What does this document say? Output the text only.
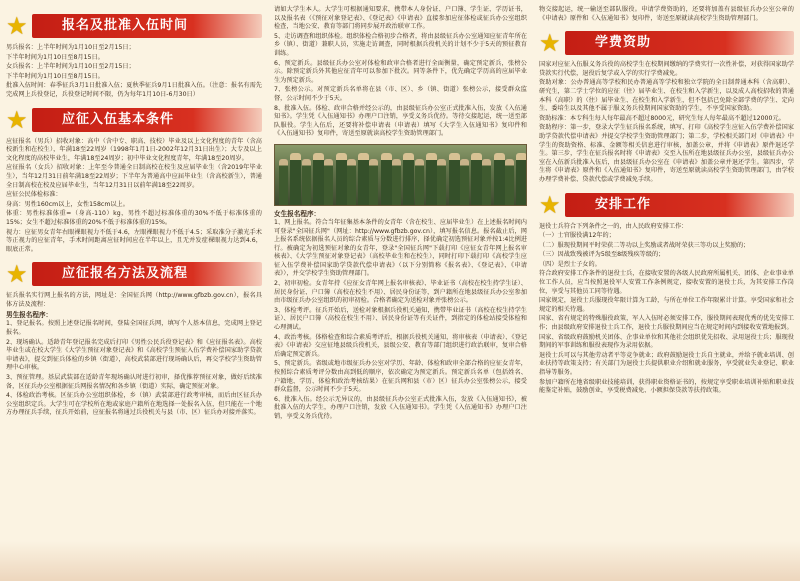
★	报名及批准入伍时间

男兵报名：上半年时间为1月10日至2月15日；

下半年时间为1月10日至8月15日。

女兵报名：上半年时间为1月10日至2月15日；

下半年时间为1月10日至8月15日。

批准入伍时间：春季征兵3月1日批准入伍；夏秋季征兵9月1日批准入伍。（注意：报名有需先完成网上兵役登记，兵役登记时间不限，仍为每年1月10日-6月30日）

★	应征入伍基本条件

应征报名（男兵）招收对象：高中（含中专、职高、技校）毕业及以上文化程度的青年（含高校新生和在校生），年满18至22周岁（1998年1月1日-2002年12月31日出生）；大专及以上文化程度的高校毕业生，年满18至24周岁；初中毕业文化程度青年，年满18至20周岁。

应征报名（女兵）招收对象：上年至今普通全日制高校在校生及应届毕业生（含2019年毕业生），当年12月31日前年满18至22周岁；下半年为普通高中应届毕业生（含高校新生），普通全日制高校在校及应届毕业生，当年12月31日以前年满18至22周岁。

应征公民体检标准：

身高：男性160cm以上，女性158cm以上。

体重：男性标准体重=（身高-110）kg，男性不超过标准体重的30%不低于标准体重的15%；女生不超过标准体重的20%不低于标准体重的15%。

视力：应征男女青年右眼裸眼视力不低于4.6，左眼裸眼视力不低于4.5；采取准分子激光手术等正视力的应征青年，手术时间距离应征时间应在半年以上，且无并发症裸眼视力达到4.6，眼底正常。

★	应征报名方法及流程

征兵报名实行网上报名的方法，网址是：全国征兵网（http://www.gfbzb.gov.cn），报名具体方法及流程：

男生报名程序：

1、登记报名。按照上述登记报名时间，登陆全国征兵网，填写个人基本信息，完成网上登记报名。

2、现场确认。适龄青年登记报名完成后打印《男性公民兵役登记表》和《应征报名表》。高校毕业生或在校大学生《大学生预征对象登记表》和《高校学生预征入伍学费补偿国家助学贷款申请表》，提交到征兵体检的乡镇（街道），高校武装部进行现场确认后，再交学校学生资助管理中心审核。

3、预征管理。基层武装部在适龄青年现场确认时进行初审，择优推荐预征对象，做好后续准备，区征兵办公室根据征兵网报名情况和各乡镇（街道）实际，确定预征对象。

4、体检政治考核。区征兵办公室组织体检，乡（镇）武装部进行政考审核，而后由区征兵办公室组织定兵。大学生可在学校所在地或家庭户籍所在地选择一处报名入伍，但只能在一个地方办理征兵手续，征兵开始前，应征报名将通过兵役机关与县（市、区）征兵办对接并落实。

请如大学生本人。大学生可根据通知要求，携带本人身份证、户口簿、学生证、学历证书，以及报名表（《预征对象登记表》、《登记表》《申请表》直接参加应征体检或征兵办公室组织检查，当地公安、教育等部门将同步展开政治联审工作。

5、走访调查和组织体检。组织体检合格初步合格者，将由县级征兵办公室通知应征青年所在乡（镇）、街道）兼职人员，实施走访调查，同时根据兵役机关的计划不少于5天的预征教育训练。

6、预定新兵。县级征兵办公室对体检和政审合格者进行全面衡量，确定预定新兵，张榜公示。除预定新兵外其他应征青年可以参加下批次。同等条件下，优先确定学历高的应届毕业生为预定新兵。

7、张榜公示。对预定新兵名单将在县（市、区）、乡（镇、街道）张榜公示，接受群众监督，公示时间不少于5天。

8、批准入伍。体检、政审合格并经公示的，由县级征兵办公室正式批准入伍，发放《入伍通知书》。学生凭《入伍通知书》办理户口注销，享受义务兵优待。等待交接起运，统一送至部队服役。学生入伍后，还要将补偿申请表（申请表）填写《大学生入伍通知书》复印件和《入伍通知书》复印件，寄送至原就读高校学生资助管理部门。

女生报名程序：

1、网上报名。符合当年征集基本条件的女青年（含在校生、应届毕业生）在上述报名时间内可登录"全国征兵网"（网址：http://www.gfbzb.gov.cn），填写报名信息。报名截止后，网上报名系统依据报名人员的综合素质与分数进行排序，择优确定初选预征对象并按1:4比例进行。被确定为初选预征对象的女青年，登录"全国征兵网"下载打印《应征女青年网上报名审核表》、《大学生预征对象登记表》（高校毕业生和在校生），同时打印下载打印《高校学生应征入伍学费补偿国家助学贷款代偿申请表》（以下分别简称《报名表》、《登记表》、《申请表》），并交学校学生资助管理部门。

2、初审初检。女青年持《应征女青年网上报名审核表》、毕业证书（高校在校生持学生证）、居民身份证、户口簿（高校在校生不用）、居民身份证等，到户籍所在地县级征兵办公室参加由市级征兵办公室组织的初审初检。合格者确定为送检对象并张榜公示。

3、体检考评。征兵开始后，送检对象根据兵役机关通知，携带毕业证书（高校在校生持学生证）、居民户口簿（高校在校生不用）、居民身份证等有关证件，到指定的体检站接受体检和心理测试。

4、政治考核。体格检查和综合素质考评后，根据兵役机关通知，将审核表（申请表）、《登记表》《申请表》交应征地县级兵役机关，县级公安、教育等部门组织进行政治联审，复审合格后确定预定新兵。

5、预定新兵。省级或地市级征兵办公室对学历、年龄、体检和政审全部合格的应征女青年，按照综合素质考评分数由高到低的顺序，依次确定为预定新兵。预定新兵名单（包括姓名、户籍地、学历、体检和政治考核结果）在征兵网和县（市）区）征兵办公室张榜公示，接受群众监督，公示时间不少于5天。

6、批准入伍。经公示无异议的，由县级征兵办公室正式批准入伍，发放《入伍通知书》，被批准入伍的大学生，办理户口注销，发放《入伍通知书》。学生凭《入伍通知书》办理户口注销，享受义务兵优待。

物交接起运，统一输送至部队服役。申请学费资助的，还要将加盖有县级征兵办公室公章的《申请表》原件和《入伍通知书》复印件，寄送至原就读高校学生资助管理部门。

★	学费资助

国家对应征入伍服义务兵役的高校学生在校期间缴纳的学费实行一次性补偿，对获得国家助学贷款实行代偿，退役后复学或入学的实行学费减免。

资助对象：公办普通高等学校和民办普通高等学校和独立学院的全日制普通本科（含高职）、研究生，第二学士学位的应征（往）届毕业生、在校生和入学新生，以及成人高校招收的普通本科（高职）的（往）届毕业生、在校生和入学新生，但不包括已免除全部学费的学生、定向生、委培生以及其他不属于服义务兵役期间国家资助的学生，不享受国家资助。

资助标准：本专科生每人每年最高不超过8000元，研究生每人每年最高不超过12000元。

资助程序：第一步，登录大学生征兵报名系统，填写、打印《高校学生应征入伍学费补偿国家助学贷款代偿申请表》并提交学校学生资助管理部门；第二步，学校相关部门对《申请表》中学生的资助资格、标准、金额等相关信息进行审核，加盖公章，并将《申请表》原件退还学生。第三步，学生在征兵报名时将《申请表》交至入伍所在地县级征兵办公室，县级征兵办公室在入伍新兵批准入伍后，由县级征兵办公室在《申请表》加盖公章并退还学生。第四步，学生将《申请表》原件和《入伍通知书》复印件，寄送至原就读高校学生资助管理部门，由学校办理学费补偿、贷款代偿或学费减免手续。

★	安排工作

退役士兵符合下列条件之一的，由人民政府安排工作：

（一）士官服役满12年的；

（二）服现役期间平时荣获二等功以上奖励或者战时荣获三等功以上奖励的；

（三）因战致残被评为5级至8级残疾等级的；

（四）是烈士子女的。

符合政府安排工作条件的退役士兵，在接收安置的各级人民政府所属机关、团体、企业事业单位工作人员，应当按照退役军人安置工作条例规定，接收安置的退役士兵，为其安排工作岗位，享受与其他员工同等待遇。

国家规定，退役士兵服现役年限计算为工龄，与所在单位工作年限累计计算。享受国家和社会规定的相关待遇。

国家、省有规定的特殊服役政策，军人入伍时必须安排工作，服役期间表现优秀的优先安排工作；由县级政府安排退役士兵工作，退役士兵服役期间应当在规定时间内到接收安置地报到。

国家、省级政府鼓励机关团体、企事业单位和其他社会组织优先招收、录用退役士兵；服现役期间的军事训练和服役表现作为录用依据。

退役士兵可以与其他劳动者平等竞争就业；政府鼓励退役士兵自主就业，并给予就业培训、创业扶持等政策支持；有关部门为退役士兵提供职业介绍和就业服务，享受就业失业登记、职业指导等服务。

参加户籍所在地省级职业技能培训，获得职业资格证书的，按规定享受职业培训补贴和职业技能鉴定补贴，鼓励创业，享受税费减免、小额担保贷款等扶持政策。
